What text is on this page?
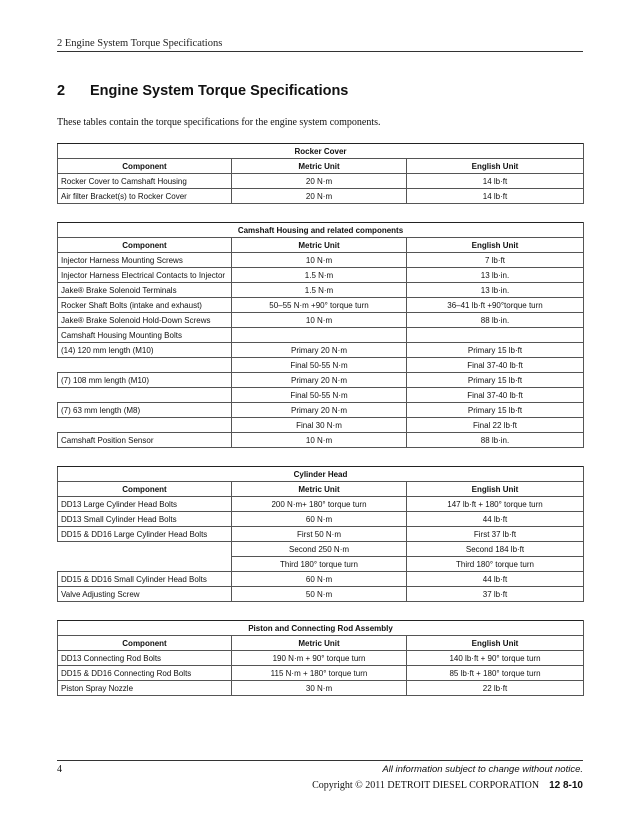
2 Engine System Torque Specifications
2 Engine System Torque Specifications
These tables contain the torque specifications for the engine system components.
Rocker Cover		
Component	Metric Unit	English Unit
Rocker Cover to Camshaft Housing	20 N·m	14 lb·ft
Air filter Bracket(s) to Rocker Cover	20 N·m	14 lb·ft
Camshaft Housing and related components		
Component	Metric Unit	English Unit
Injector Harness Mounting Screws	10 N·m	7 lb·ft
Injector Harness Electrical Contacts to Injector	1.5 N·m	13 lb·in.
Jake® Brake Solenoid Terminals	1.5 N·m	13 lb·in.
Rocker Shaft Bolts (intake and exhaust)	50–55 N·m +90° torque turn	36–41 lb·ft +90°torque turn
Jake® Brake Solenoid Hold-Down Screws	10 N·m	88 lb·in.
Camshaft Housing Mounting Bolts		
(14) 120 mm length (M10)	Primary 20 N·m	Primary 15 lb·ft
	Final 50-55 N·m	Final 37-40 lb·ft
(7) 108 mm length (M10)	Primary 20 N·m	Primary 15 lb·ft
	Final 50-55 N·m	Final 37-40 lb·ft
(7) 63 mm length (M8)	Primary 20 N·m	Primary 15 lb·ft
	Final 30 N·m	Final 22 lb·ft
Camshaft Position Sensor	10 N·m	88 lb·in.
Cylinder Head		
Component	Metric Unit	English Unit
DD13 Large Cylinder Head Bolts	200 N·m+ 180° torque turn	147 lb·ft + 180° torque turn
DD13 Small Cylinder Head Bolts	60 N·m	44 lb·ft
DD15 & DD16 Large Cylinder Head Bolts	First 50 N·m	First 37 lb·ft
	Second 250 N·m	Second 184 lb·ft
	Third 180° torque turn	Third 180° torque turn
DD15 & DD16 Small Cylinder Head Bolts	60 N·m	44 lb·ft
Valve Adjusting Screw	50 N·m	37 lb·ft
Piston and Connecting Rod Assembly		
Component	Metric Unit	English Unit
DD13 Connecting Rod Bolts	190 N·m + 90° torque turn	140 lb·ft + 90° torque turn
DD15 & DD16 Connecting Rod Bolts	115 N·m + 180° torque turn	85 lb·ft + 180° torque turn
Piston Spray Nozzle	30 N·m	22 lb·ft
4	All information subject to change without notice.
Copyright © 2011 DETROIT DIESEL CORPORATION 12 8-10
